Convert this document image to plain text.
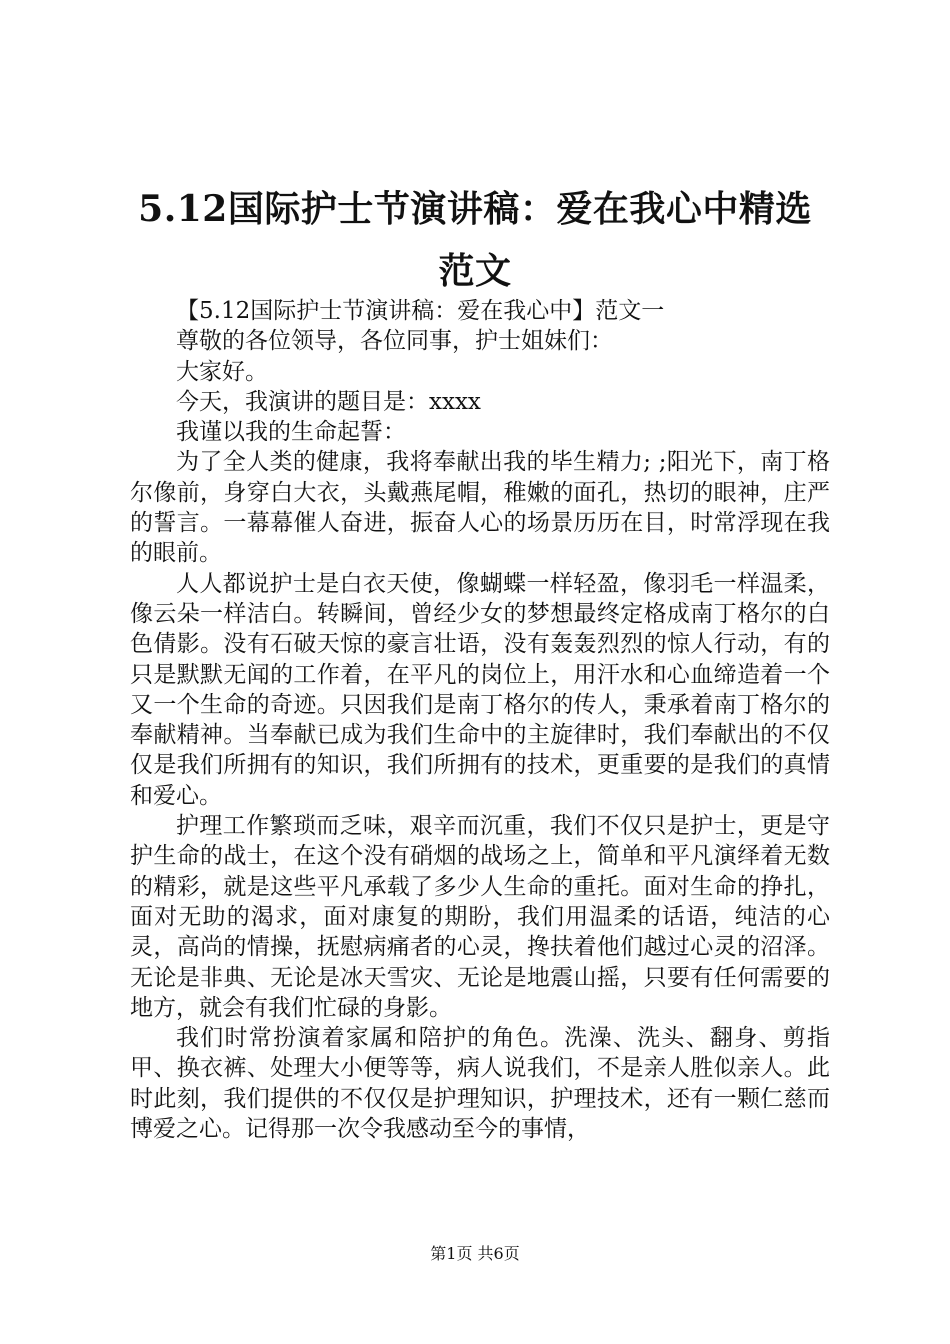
5.12国际护士节演讲稿：爱在我心中精选范文

【5.12国际护士节演讲稿：爱在我心中】范文一

尊敬的各位领导，各位同事，护士姐妹们：

大家好。

今天，我演讲的题目是：xxxx

我谨以我的生命起誓：

为了全人类的健康，我将奉献出我的毕生精力; ;阳光下，南丁格尔像前，身穿白大衣，头戴燕尾帽，稚嫩的面孔，热切的眼神，庄严的誓言。一幕幕催人奋进，振奋人心的场景历历在目，时常浮现在我的眼前。

人人都说护士是白衣天使，像蝴蝶一样轻盈，像羽毛一样温柔，像云朵一样洁白。转瞬间，曾经少女的梦想最终定格成南丁格尔的白色倩影。没有石破天惊的豪言壮语，没有轰轰烈烈的惊人行动，有的只是默默无闻的工作着，在平凡的岗位上，用汗水和心血缔造着一个又一个生命的奇迹。只因我们是南丁格尔的传人，秉承着南丁格尔的奉献精神。当奉献已成为我们生命中的主旋律时，我们奉献出的不仅仅是我们所拥有的知识，我们所拥有的技术，更重要的是我们的真情和爱心。

护理工作繁琐而乏味，艰辛而沉重，我们不仅只是护士，更是守护生命的战士，在这个没有硝烟的战场之上，简单和平凡演绎着无数的精彩，就是这些平凡承载了多少人生命的重托。面对生命的挣扎，面对无助的渴求，面对康复的期盼，我们用温柔的话语，纯洁的心灵，高尚的情操，抚慰病痛者的心灵，搀扶着他们越过心灵的沼泽。无论是非典、无论是冰天雪灾、无论是地震山摇，只要有任何需要的地方，就会有我们忙碌的身影。

我们时常扮演着家属和陪护的角色。洗澡、洗头、翻身、剪指甲、换衣裤、处理大小便等等，病人说我们，不是亲人胜似亲人。此时此刻，我们提供的不仅仅是护理知识，护理技术，还有一颗仁慈而博爱之心。记得那一次令我感动至今的事情，

第1页 共6页
